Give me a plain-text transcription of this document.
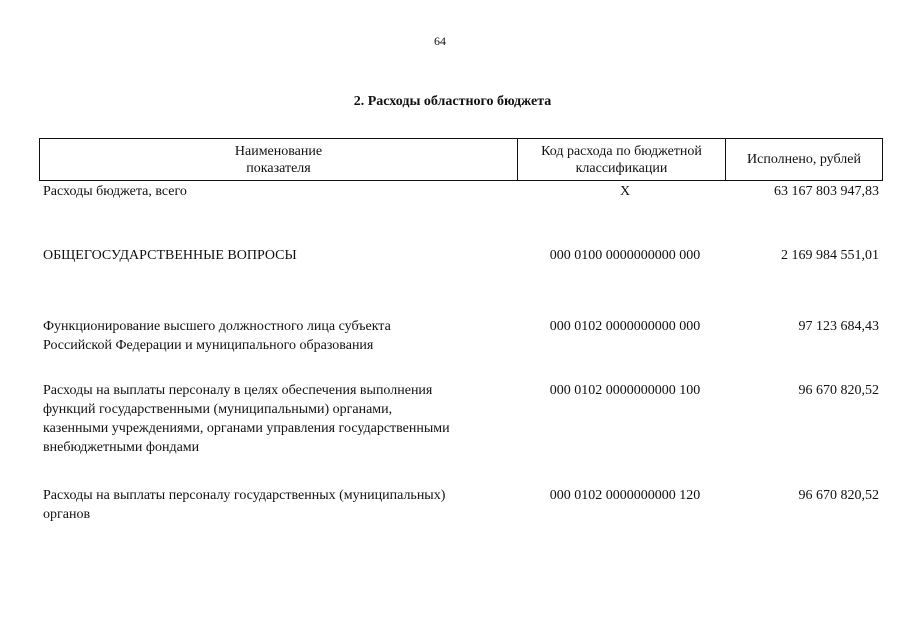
64
2. Расходы областного бюджета
Наименование
показателя
Код расхода по бюджетной
классификации
Исполнено, рублей
Расходы бюджета, всего	X	63 167 803 947,83
ОБЩЕГОСУДАРСТВЕННЫЕ ВОПРОСЫ	000 0100 0000000000 000	2 169 984 551,01
Функционирование высшего должностного лица субъекта
Российской Федерации и муниципального образования
000 0102 0000000000 000	97 123 684,43
Расходы на выплаты персоналу в целях обеспечения выполнения
функций государственными (муниципальными) органами,
казенными учреждениями, органами управления государственными
внебюджетными фондами
000 0102 0000000000 100	96 670 820,52
Расходы на выплаты персоналу государственных (муниципальных)
органов
000 0102 0000000000 120	96 670 820,52
